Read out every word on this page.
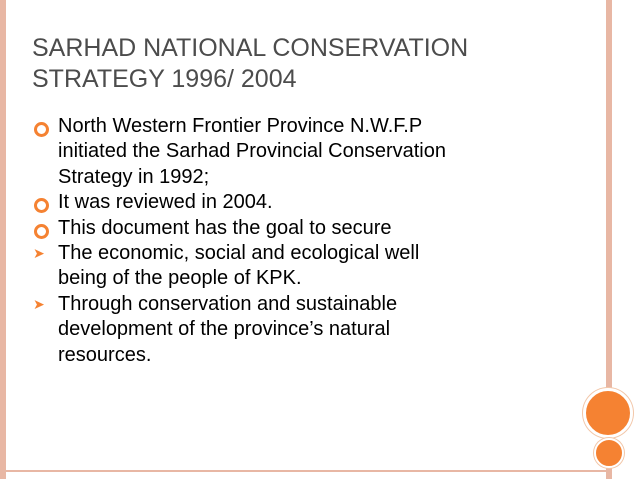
SARHAD NATIONAL CONSERVATION
STRATEGY 1996/ 2004
North Western Frontier Province N.W.F.P
initiated the Sarhad Provincial Conservation
Strategy in 1992;
It was reviewed in 2004.
This document has the goal to secure
➤ The economic, social and ecological well
being of the people of KPK.
➤ Through conservation and sustainable
development of the province’s natural
resources.
